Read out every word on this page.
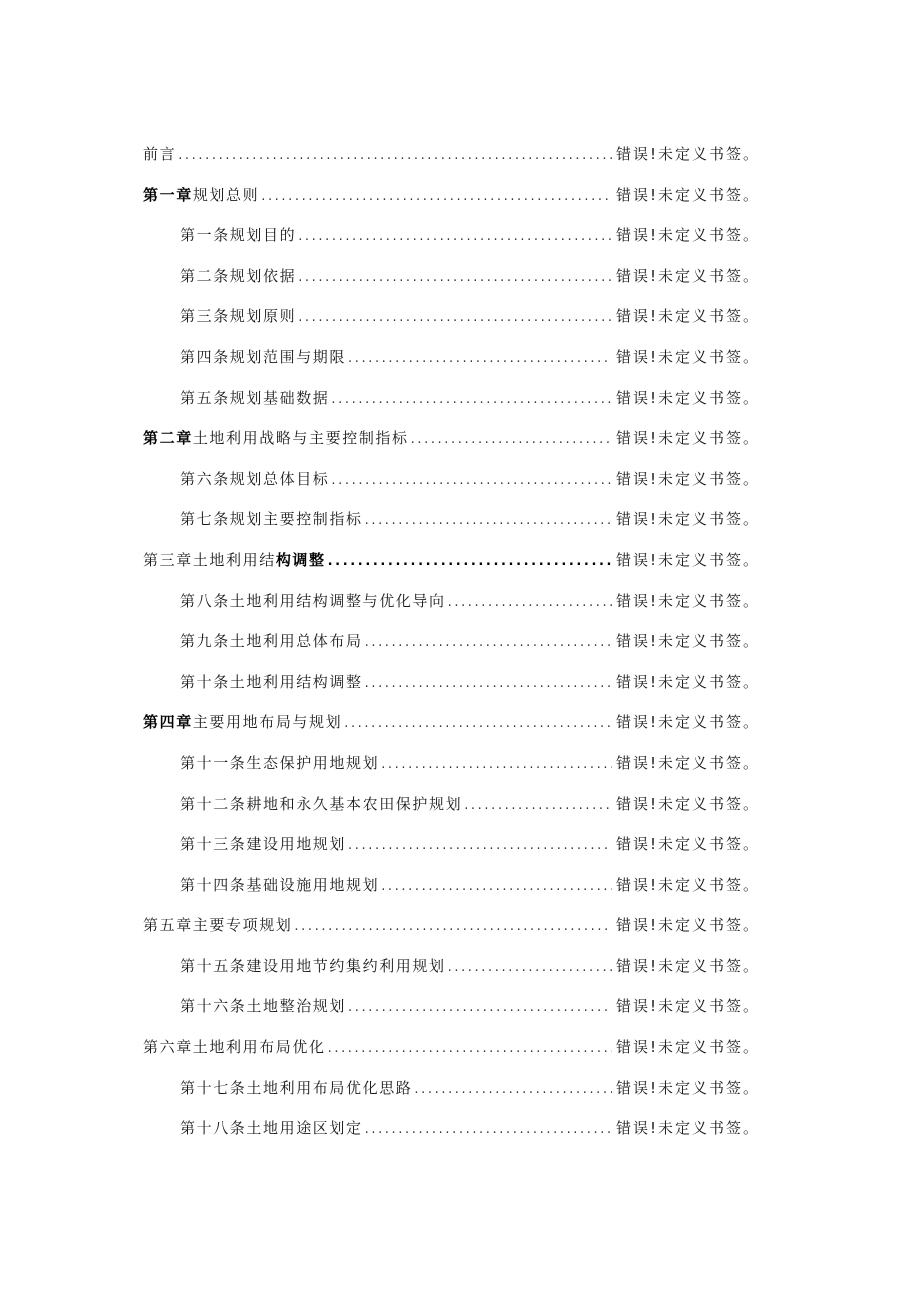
前言 .....	错误!未定义书签。
第一章规划总则 .....	错误!未定义书签。
第一条规划目的 .....	错误!未定义书签。
第二条规划依据 .....	错误!未定义书签。
第三条规划原则 .....	错误!未定义书签。
第四条规划范围与期限 .....	错误!未定义书签。
第五条规划基础数据 .....	错误!未定义书签。
第二章土地利用战略与主要控制指标 .....	错误!未定义书签。
第六条规划总体目标 .....	错误!未定义书签。
第七条规划主要控制指标 .....	错误!未定义书签。
第三章土地利用结构调整 .....	错误!未定义书签。
第八条土地利用结构调整与优化导向 .....	错误!未定义书签。
第九条土地利用总体布局 .....	错误!未定义书签。
第十条土地利用结构调整 .....	错误!未定义书签。
第四章主要用地布局与规划 .....	错误!未定义书签。
第十一条生态保护用地规划 .....	错误!未定义书签。
第十二条耕地和永久基本农田保护规划 .....	错误!未定义书签。
第十三条建设用地规划 .....	错误!未定义书签。
第十四条基础设施用地规划 .....	错误!未定义书签。
第五章主要专项规划 .....	错误!未定义书签。
第十五条建设用地节约集约利用规划 .....	错误!未定义书签。
第十六条土地整治规划 .....	错误!未定义书签。
第六章土地利用布局优化 .....	错误!未定义书签。
第十七条土地利用布局优化思路 .....	错误!未定义书签。
第十八条土地用途区划定 .....	错误!未定义书签。
